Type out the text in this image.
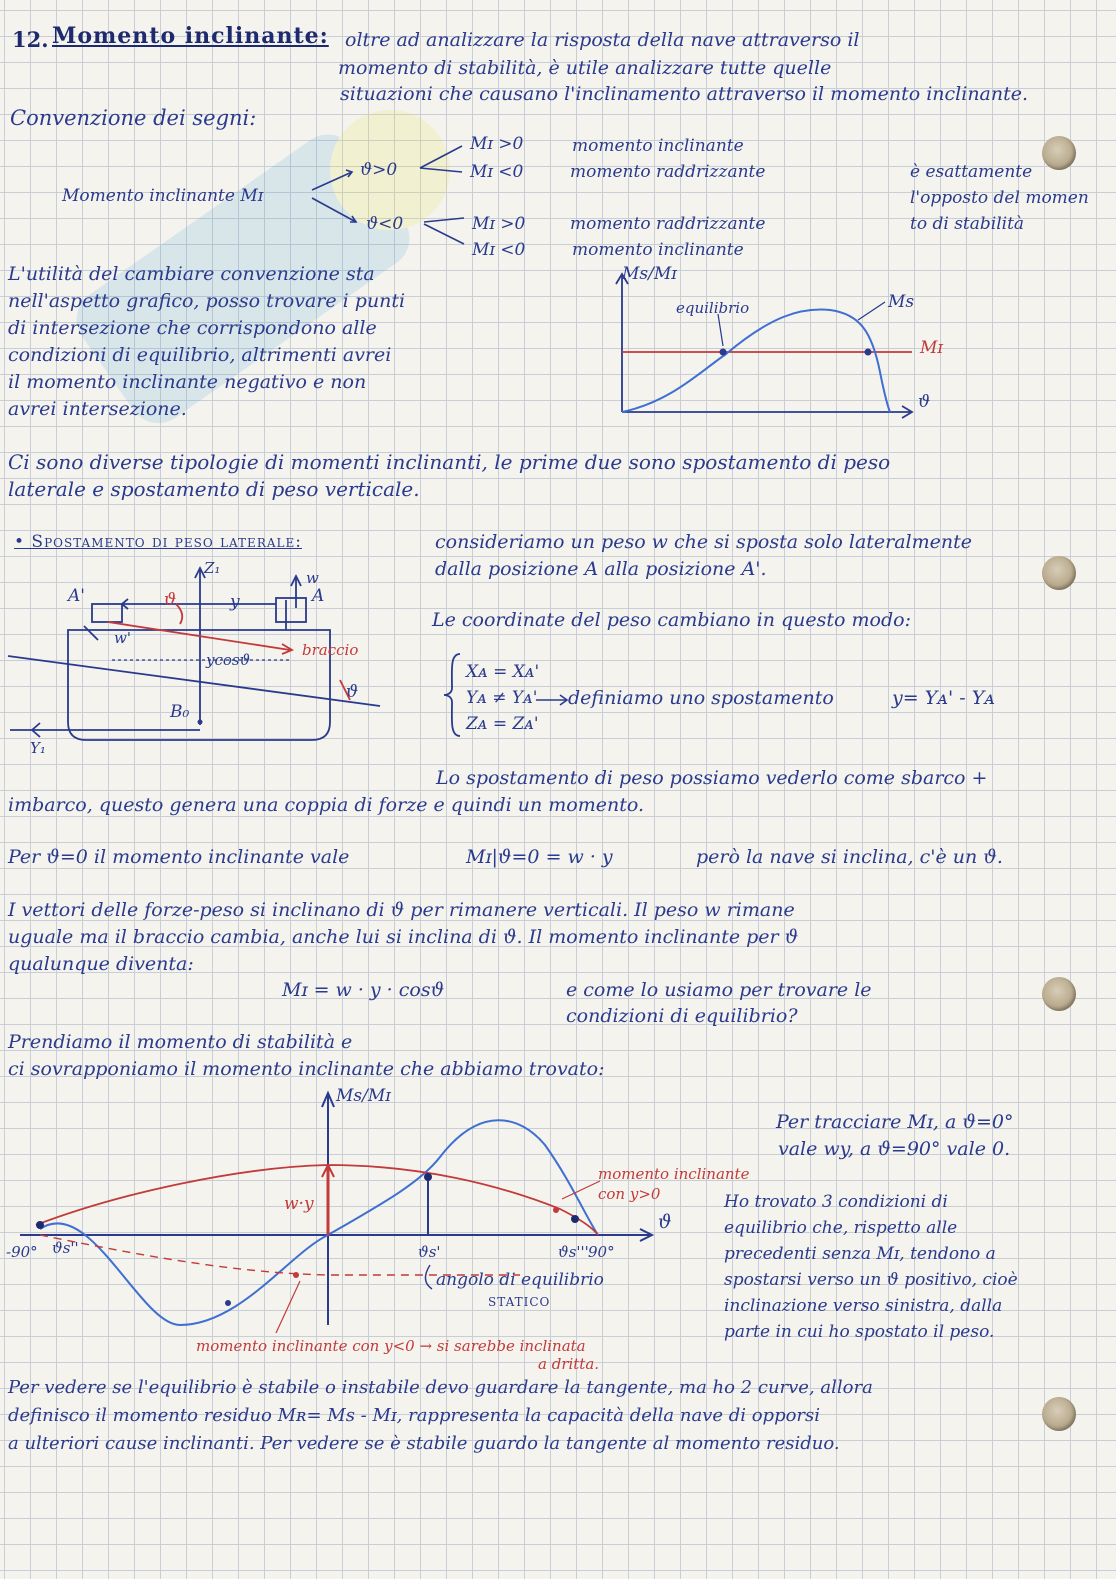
12. Momento inclinante: oltre ad analizzare la risposta della nave attraverso il
momento di stabilità, è utile analizzare tutte quelle
situazioni che causano l'inclinamento attraverso il momento inclinante.
Convenzione dei segni:
Momento inclinante Mɪ
ϑ>0
ϑ<0
Mɪ >0
Mɪ <0
Mɪ >0
Mɪ <0
momento inclinante
momento raddrizzante
momento raddrizzante
momento inclinante
è esattamente
l'opposto del momen
to di stabilità
L'utilità del cambiare convenzione sta
nell'aspetto grafico, posso trovare i punti
di intersezione che corrispondono alle
condizioni di equilibrio, altrimenti avrei
il momento inclinante negativo e non
avrei intersezione.
Ms/Mɪ
ϑ
Ms
Mɪ
equilibrio
Ci sono diverse tipologie di momenti inclinanti, le prime due sono spostamento di peso
laterale e spostamento di peso verticale.
• Spostamento di peso laterale:	consideriamo un peso w che si sposta solo lateralmente
dalla posizione A alla posizione A'.
Le coordinate del peso cambiano in questo modo:
Xᴀ = Xᴀ'
Yᴀ ≠ Yᴀ'
Zᴀ = Zᴀ'
definiamo uno spostamento	y= Yᴀ' - Yᴀ
A'	A
ϑ	y
Z₁
w
w'
ycosϑ
braccio
B₀
ϑ
Y₁
Lo spostamento di peso possiamo vederlo come sbarco +
imbarco, questo genera una coppia di forze e quindi un momento.
Per ϑ=0 il momento inclinante vale	Mɪ|ϑ=0 = w · y	però la nave si inclina, c'è un ϑ.
I vettori delle forze-peso si inclinano di ϑ per rimanere verticali. Il peso w rimane
uguale ma il braccio cambia, anche lui si inclina di ϑ. Il momento inclinante per ϑ
qualunque diventa:
Mɪ = w · y · cosϑ	e come lo usiamo per trovare le
condizioni di equilibrio?
Prendiamo il momento di stabilità e
ci sovrapponiamo il momento inclinante che abbiamo trovato:
Ms/Mɪ
ϑ
w·y
-90° ϑs''	ϑs'	ϑs''' 90°
angolo di equilibrio
STATICO
momento inclinante
con y>0
momento inclinante con y<0 → si sarebbe inclinata
a dritta.
Per tracciare Mɪ, a ϑ=0°
vale wy, a ϑ=90° vale 0.
Ho trovato 3 condizioni di
equilibrio che, rispetto alle
precedenti senza Mɪ, tendono a
spostarsi verso un ϑ positivo, cioè
inclinazione verso sinistra, dalla
parte in cui ho spostato il peso.
Per vedere se l'equilibrio è stabile o instabile devo guardare la tangente, ma ho 2 curve, allora
definisco il momento residuo Mʀ= Ms - Mɪ, rappresenta la capacità della nave di opporsi
a ulteriori cause inclinanti. Per vedere se è stabile guardo la tangente al momento residuo.
